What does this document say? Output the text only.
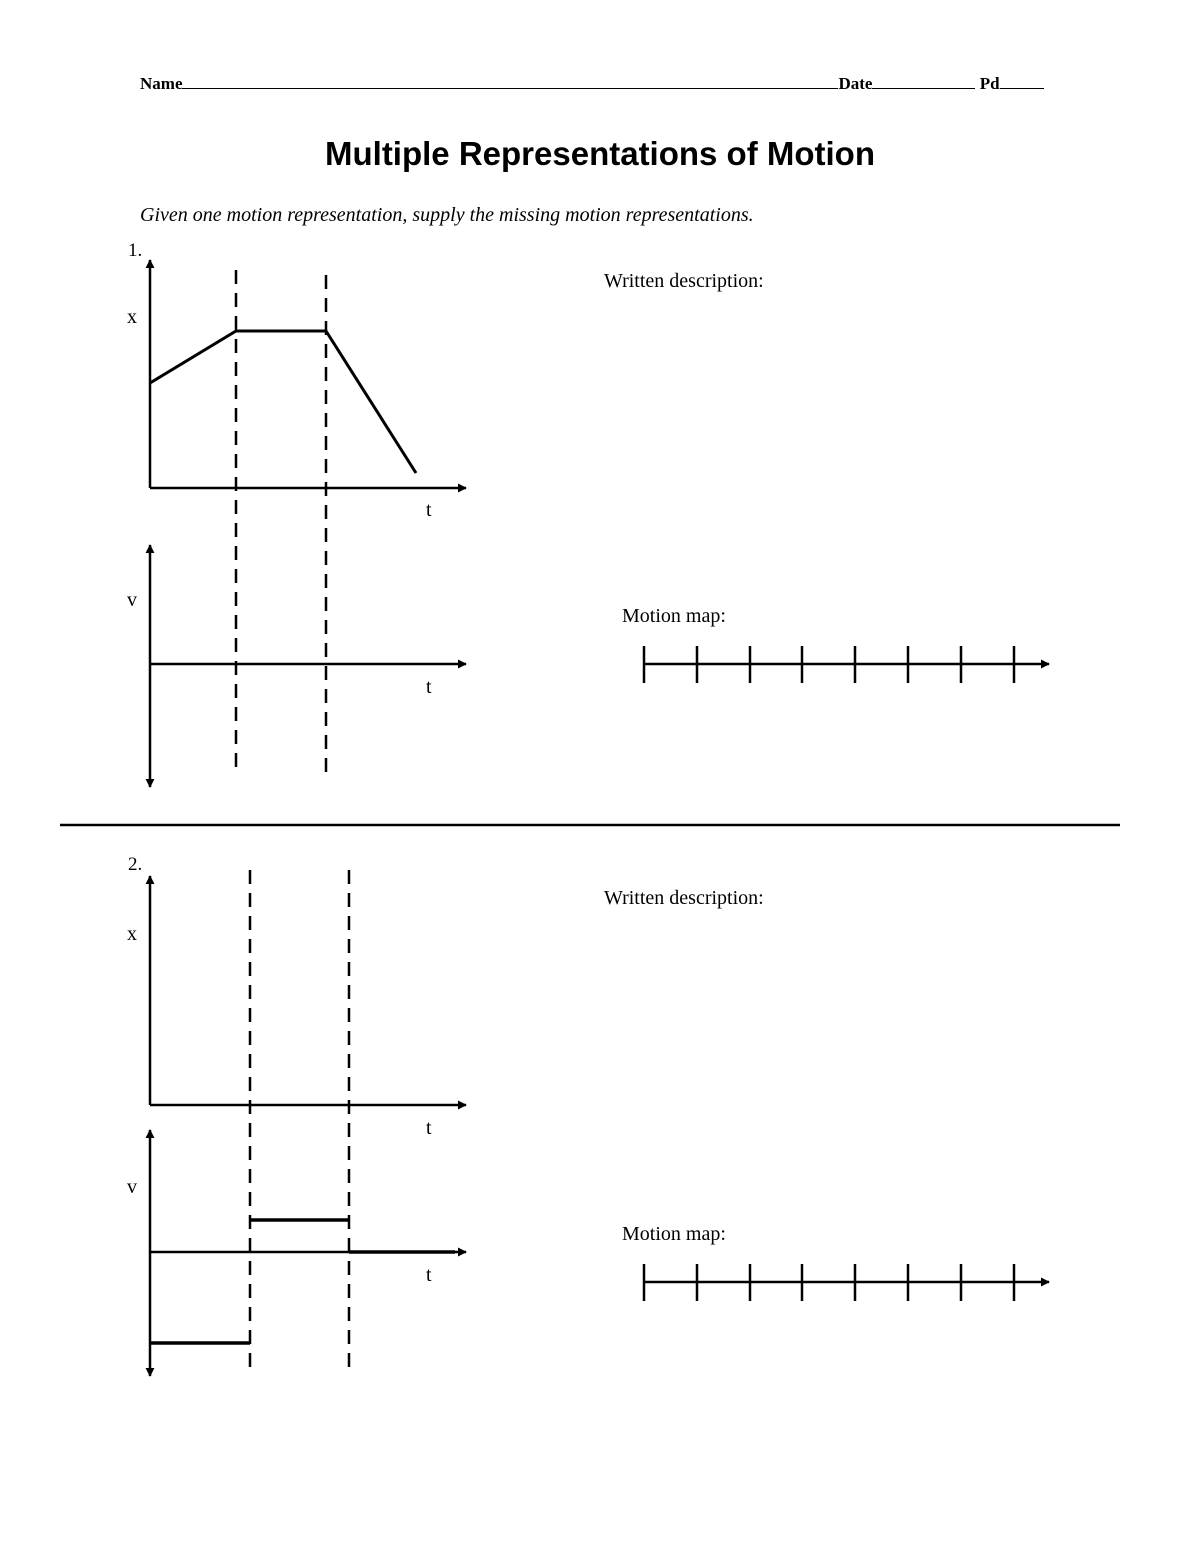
Name	Date	Pd
Multiple Representations of Motion
Given one motion representation, supply the missing motion representations.
1.
x
t
v
t
Written description:
Motion map:
2.
x
t
v
t
Written description:
Motion map:
